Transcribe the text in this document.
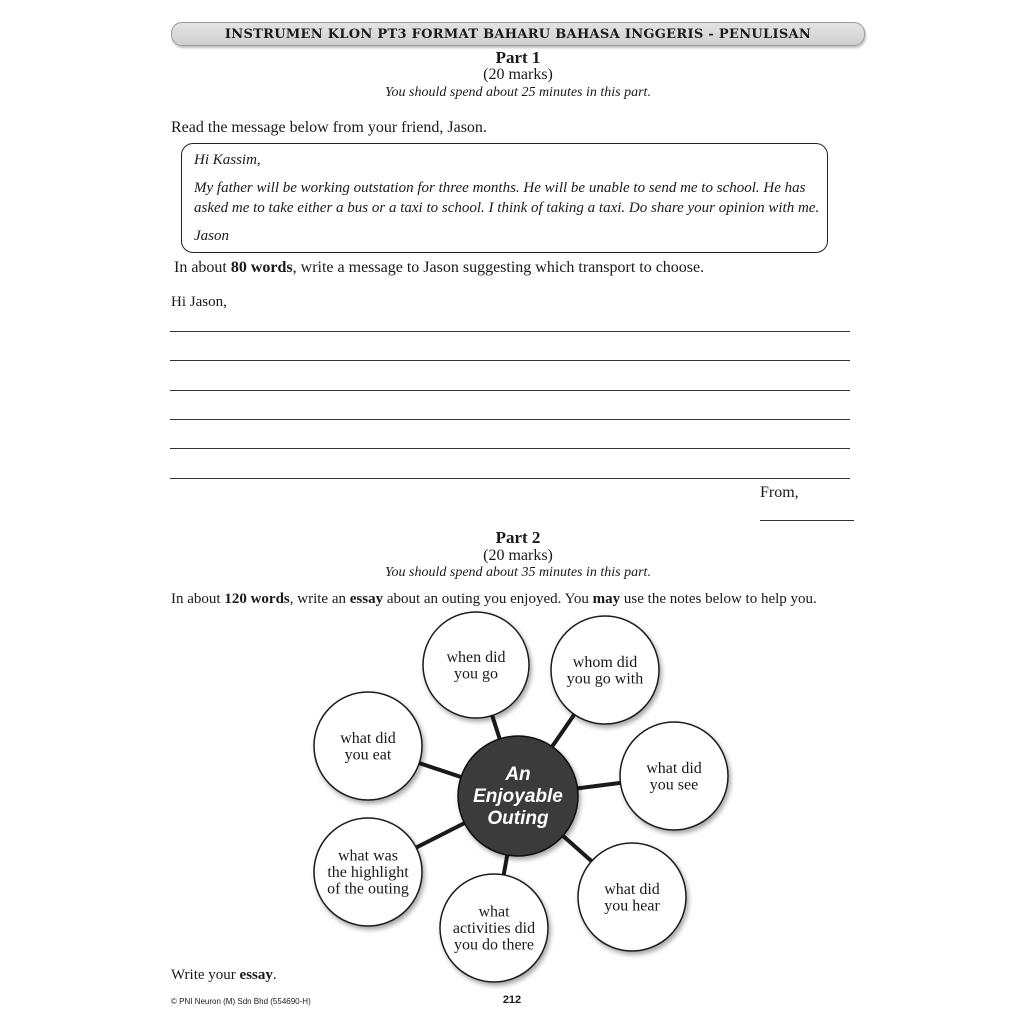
INSTRUMEN KLON PT3 FORMAT BAHARU BAHASA INGGERIS - PENULISAN
Part 1
(20 marks)
You should spend about 25 minutes in this part.
Read the message below from your friend, Jason.
Hi Kassim,
My father will be working outstation for three months. He will be unable to send me to school. He has
asked me to take either a bus or a taxi to school. I think of taking a taxi. Do share your opinion with me.
Jason
In about 80 words, write a message to Jason suggesting which transport to choose.
Hi Jason,
From,
Part 2
(20 marks)
You should spend about 35 minutes in this part.
In about 120 words, write an essay about an outing you enjoyed. You may use the notes below to help you.
when did
you go
whom did
you go with
what did
you see
what did
you hear
what
activities did
you do there
what was
the highlight
of the outing
what did
you eat
An
Enjoyable
Outing
Write your essay.
© PNI Neuron (M) Sdn Bhd (554690-H)	212
